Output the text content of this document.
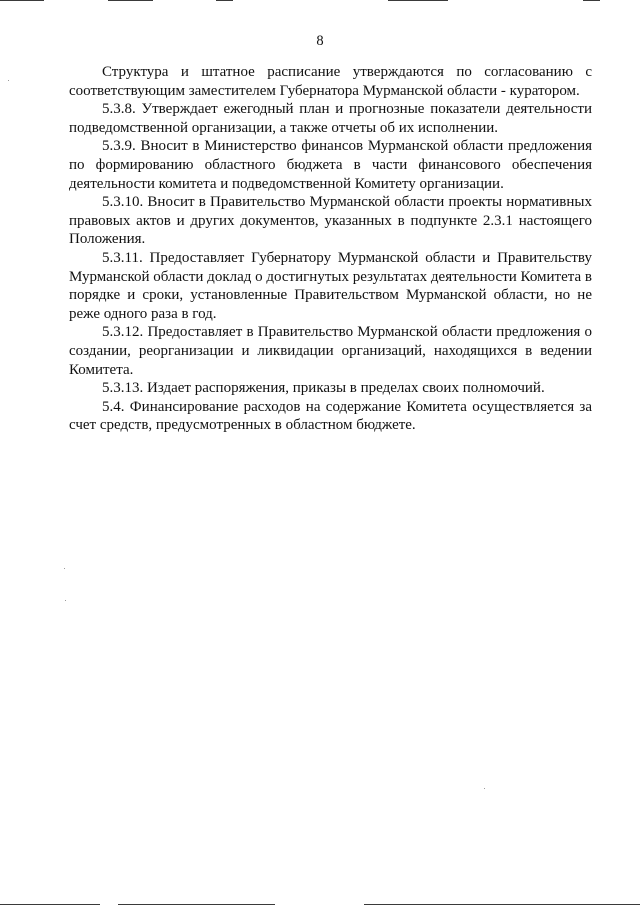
8

Структура и штатное расписание утверждаются по согласованию с соответствующим заместителем Губернатора Мурманской области - куратором.

5.3.8. Утверждает ежегодный план и прогнозные показатели деятельности подведомственной организации, а также отчеты об их исполнении.

5.3.9. Вносит в Министерство финансов Мурманской области предложения по формированию областного бюджета в части финансового обеспечения деятельности комитета и подведомственной Комитету организации.

5.3.10. Вносит в Правительство Мурманской области проекты нормативных правовых актов и других документов, указанных в подпункте 2.3.1 настоящего Положения.

5.3.11. Предоставляет Губернатору Мурманской области и Правительству Мурманской области доклад о достигнутых результатах деятельности Комитета в порядке и сроки, установленные Правительством Мурманской области, но не реже одного раза в год.

5.3.12. Предоставляет в Правительство Мурманской области предложения о создании, реорганизации и ликвидации организаций, находящихся в ведении Комитета.

5.3.13. Издает распоряжения, приказы в пределах своих полномочий.

5.4. Финансирование расходов на содержание Комитета осуществляется за счет средств, предусмотренных в областном бюджете.
